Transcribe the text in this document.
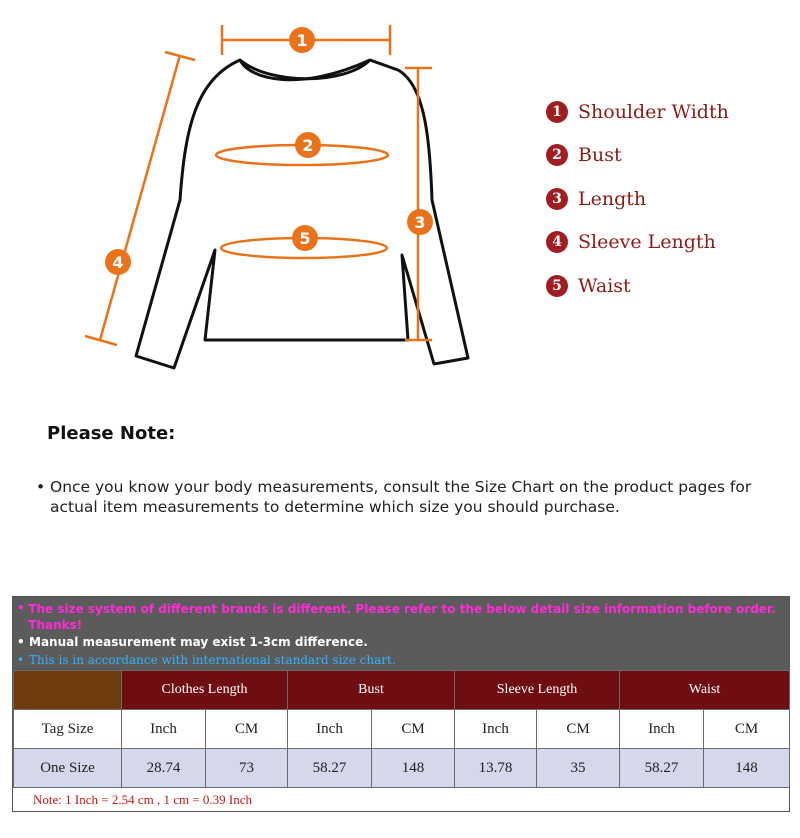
1
2
3
4
5
1 Shoulder Width
2 Bust
3 Length
4 Sleeve Length
5 Waist
Please Note:
• Once you know your body measurements, consult the Size Chart on the product pages for actual item measurements to determine which size you should purchase.
• The size system of different brands is different. Please refer to the below detail size information before order. Thanks!
• Manual measurement may exist 1-3cm difference.
• This is in accordance with international standard size chart.
	Clothes Length		Bust		Sleeve Length		Waist	
Tag Size	Inch	CM	Inch	CM	Inch	CM	Inch	CM
One Size	28.74	73	58.27	148	13.78	35	58.27	148
Note: 1 Inch = 2.54 cm , 1 cm = 0.39 Inch
